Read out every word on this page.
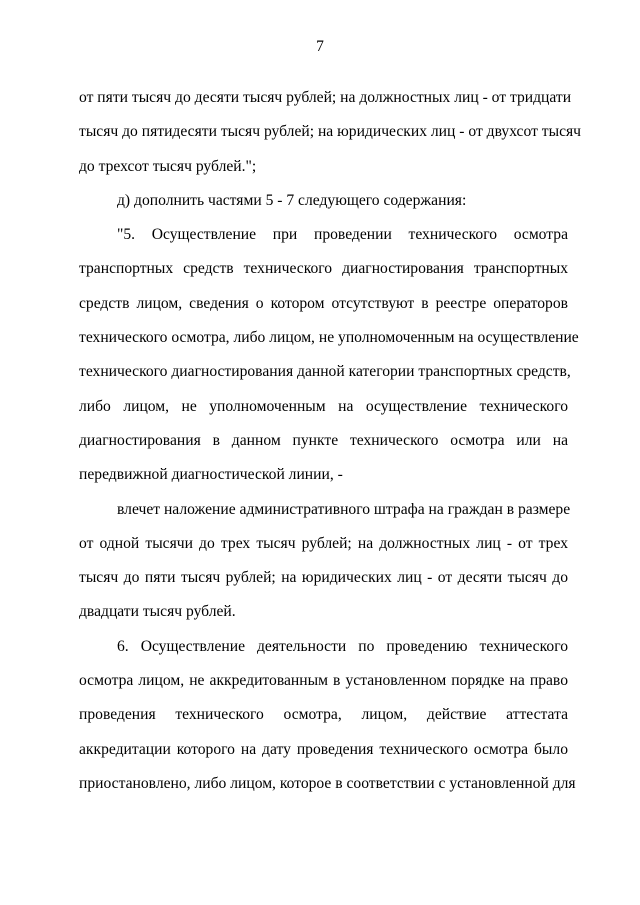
7
от пяти тысяч до десяти тысяч рублей; на должностных лиц - от тридцати
тысяч до пятидесяти тысяч рублей; на юридических лиц - от двухсот тысяч
до трехсот тысяч рублей.";
д) дополнить частями 5 - 7 следующего содержания:
"5. Осуществление при проведении технического осмотра
транспортных средств технического диагностирования транспортных
средств лицом, сведения о котором отсутствуют в реестре операторов
технического осмотра, либо лицом, не уполномоченным на осуществление
технического диагностирования данной категории транспортных средств,
либо лицом, не уполномоченным на осуществление технического
диагностирования в данном пункте технического осмотра или на
передвижной диагностической линии, -
влечет наложение административного штрафа на граждан в размере
от одной тысячи до трех тысяч рублей; на должностных лиц - от трех
тысяч до пяти тысяч рублей; на юридических лиц - от десяти тысяч до
двадцати тысяч рублей.
6. Осуществление деятельности по проведению технического
осмотра лицом, не аккредитованным в установленном порядке на право
проведения технического осмотра, лицом, действие аттестата
аккредитации которого на дату проведения технического осмотра было
приостановлено, либо лицом, которое в соответствии с установленной для
